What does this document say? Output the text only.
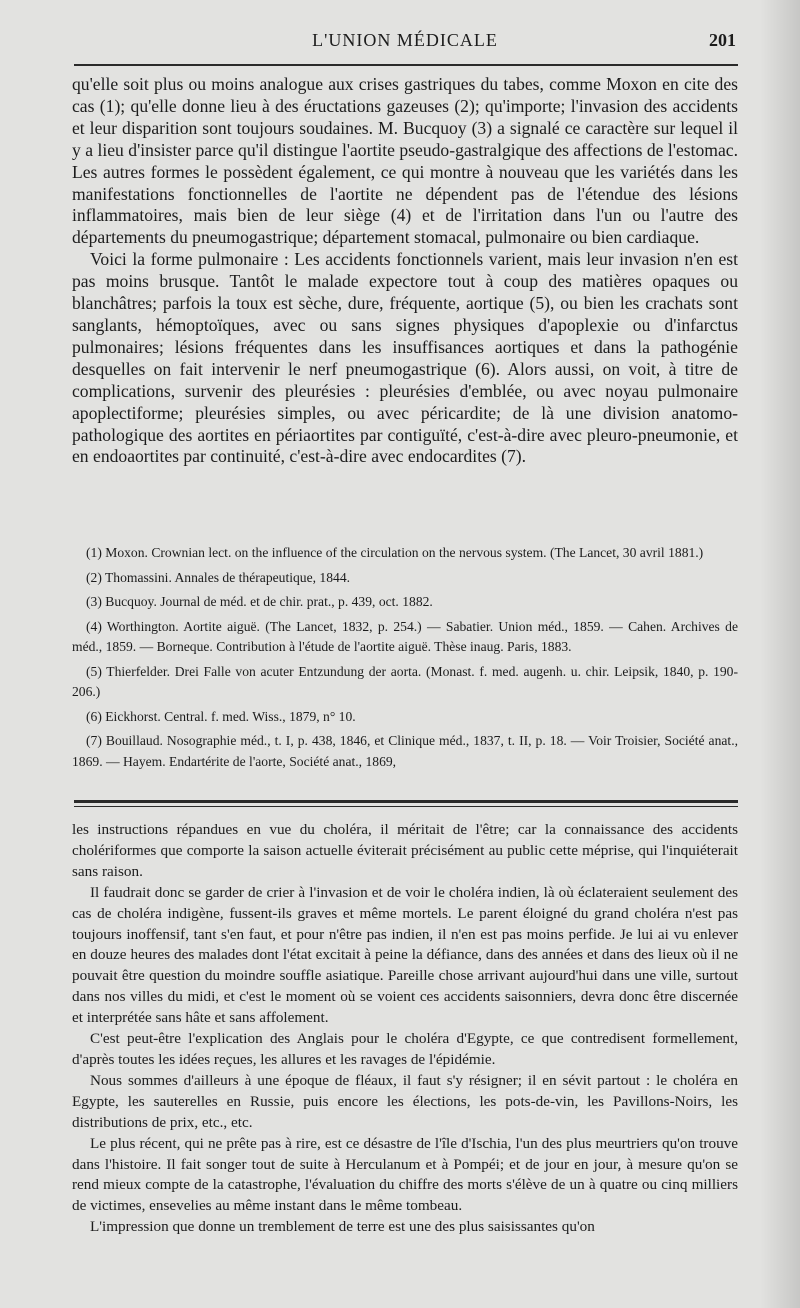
L'UNION MÉDICALE	201

qu'elle soit plus ou moins analogue aux crises gastriques du tabes, comme Moxon en cite des cas (1); qu'elle donne lieu à des éructations gazeuses (2); qu'importe; l'invasion des accidents et leur disparition sont toujours soudaines. M. Bucquoy (3) a signalé ce caractère sur lequel il y a lieu d'insister parce qu'il distingue l'aortite pseudo-gastralgique des affections de l'estomac. Les autres formes le possèdent également, ce qui montre à nouveau que les variétés dans les manifestations fonctionnelles de l'aortite ne dépendent pas de l'étendue des lésions inflammatoires, mais bien de leur siège (4) et de l'irritation dans l'un ou l'autre des départements du pneumogastrique; département stomacal, pulmonaire ou bien cardiaque.

Voici la forme pulmonaire : Les accidents fonctionnels varient, mais leur invasion n'en est pas moins brusque. Tantôt le malade expectore tout à coup des matières opaques ou blanchâtres; parfois la toux est sèche, dure, fréquente, aortique (5), ou bien les crachats sont sanglants, hémoptoïques, avec ou sans signes physiques d'apoplexie ou d'infarctus pulmonaires; lésions fréquentes dans les insuffisances aortiques et dans la pathogénie desquelles on fait intervenir le nerf pneumogastrique (6). Alors aussi, on voit, à titre de complications, survenir des pleurésies : pleurésies d'emblée, ou avec noyau pulmonaire apoplectiforme; pleurésies simples, ou avec péricardite; de là une division anatomo-pathologique des aortites en périaortites par contiguïté, c'est-à-dire avec pleuro-pneumonie, et en endoaortites par continuité, c'est-à-dire avec endocardites (7).

(1) Moxon. Crownian lect. on the influence of the circulation on the nervous system. (The Lancet, 30 avril 1881.)

(2) Thomassini. Annales de thérapeutique, 1844.

(3) Bucquoy. Journal de méd. et de chir. prat., p. 439, oct. 1882.

(4) Worthington. Aortite aiguë. (The Lancet, 1832, p. 254.) — Sabatier. Union méd., 1859. — Cahen. Archives de méd., 1859. — Borneque. Contribution à l'étude de l'aortite aiguë. Thèse inaug. Paris, 1883.

(5) Thierfelder. Drei Falle von acuter Entzundung der aorta. (Monast. f. med. augenh. u. chir. Leipsik, 1840, p. 190-206.)

(6) Eickhorst. Central. f. med. Wiss., 1879, n° 10.

(7) Bouillaud. Nosographie méd., t. I, p. 438, 1846, et Clinique méd., 1837, t. II, p. 18. — Voir Troisier, Société anat., 1869. — Hayem. Endartérite de l'aorte, Société anat., 1869,

les instructions répandues en vue du choléra, il méritait de l'être; car la connaissance des accidents cholériformes que comporte la saison actuelle éviterait précisément au public cette méprise, qui l'inquiéterait sans raison.

Il faudrait donc se garder de crier à l'invasion et de voir le choléra indien, là où éclateraient seulement des cas de choléra indigène, fussent-ils graves et même mortels. Le parent éloigné du grand choléra n'est pas toujours inoffensif, tant s'en faut, et pour n'être pas indien, il n'en est pas moins perfide. Je lui ai vu enlever en douze heures des malades dont l'état excitait à peine la défiance, dans des années et dans des lieux où il ne pouvait être question du moindre souffle asiatique. Pareille chose arrivant aujourd'hui dans une ville, surtout dans nos villes du midi, et c'est le moment où se voient ces accidents saisonniers, devra donc être discernée et interprétée sans hâte et sans affolement.

C'est peut-être l'explication des Anglais pour le choléra d'Egypte, ce que contredisent formellement, d'après toutes les idées reçues, les allures et les ravages de l'épidémie.

Nous sommes d'ailleurs à une époque de fléaux, il faut s'y résigner; il en sévit partout : le choléra en Egypte, les sauterelles en Russie, puis encore les élections, les pots-de-vin, les Pavillons-Noirs, les distributions de prix, etc., etc.

Le plus récent, qui ne prête pas à rire, est ce désastre de l'île d'Ischia, l'un des plus meurtriers qu'on trouve dans l'histoire. Il fait songer tout de suite à Herculanum et à Pompéi; et de jour en jour, à mesure qu'on se rend mieux compte de la catastrophe, l'évaluation du chiffre des morts s'élève de un à quatre ou cinq milliers de victimes, ensevelies au même instant dans le même tombeau.

L'impression que donne un tremblement de terre est une des plus saisissantes qu'on
